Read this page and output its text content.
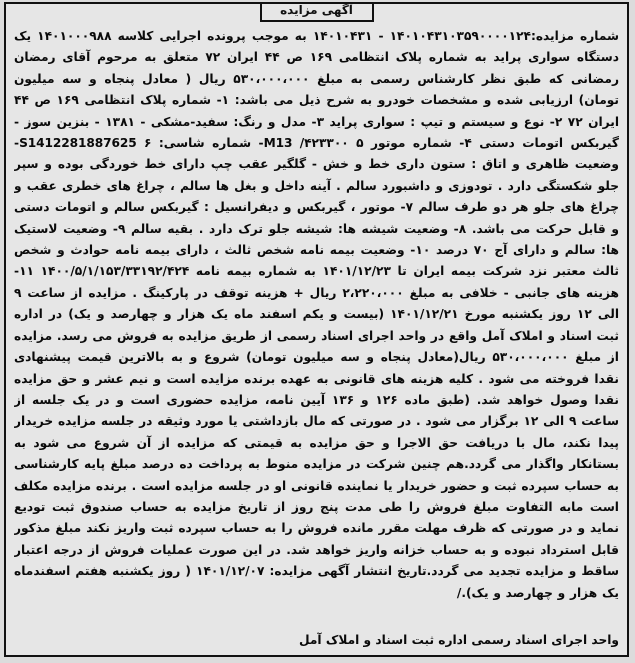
آگهی مزایده

شماره مزایده:۱۴۰۱۰۴۳۱۰۳۵۹۰۰۰۰۱۲۴ - ۱۴۰۱۰۴۳۱ به موجب پرونده اجرایی کلاسه ۱۴۰۱۰۰۰۹۸۸ یک دستگاه سواری پراید به شماره پلاک انتظامی ۱۶۹ ص ۴۴ ایران ۷۲ متعلق به مرحوم آقای رمضان رمضانی که طبق نظر کارشناس رسمی به مبلغ ۵۳۰،۰۰۰،۰۰۰ ریال ( معادل پنجاه و سه میلیون تومان) ارزیابی شده و مشخصات خودرو به شرح ذیل می باشد: ۱- شماره پلاک انتظامی ۱۶۹ ص ۴۴ ایران ۷۲ ۲- نوع و سیستم و تیپ : سواری پراید ۳- مدل و رنگ: سفید-مشکی - ۱۳۸۱ - بنزین سوز - گیربکس اتومات دستی ۴- شماره موتور M13 /۴۲۳۳۰۰ ۵- شماره شاسی: S1412281887625 ۶- وضعیت ظاهری و اتاق : ستون داری خط و خش - گلگیر عقب چپ دارای خط خوردگی بوده و سپر جلو شکستگی دارد . تودوزی و داشبورد سالم . آینه داخل و بغل ها سالم ، چراغ های خطری عقب و چراغ های جلو هر دو طرف سالم ۷- موتور ، گیربکس و دیفرانسیل : گیربکس سالم و اتومات دستی و قابل حرکت می باشد. ۸- وضعیت شیشه ها: شیشه جلو ترک دارد . بقیه سالم ۹- وضعیت لاستیک ها: سالم و دارای آج ۷۰ درصد ۱۰- وضعیت بیمه نامه شخص ثالث ، دارای بیمه نامه حوادث و شخص ثالث معتبر نزد شرکت بیمه ایران تا ۱۴۰۱/۱۲/۲۳ به شماره بیمه نامه ۱۴۰۰/۵/۱/۱۵۳/۳۳۱۹۲/۴۲۴ ۱۱- هزینه های جانبی - خلافی به مبلغ ۲،۲۲۰،۰۰۰ ریال + هزینه توقف در پارکینگ . مزایده از ساعت ۹ الی ۱۲ روز یکشنبه مورخ ۱۴۰۱/۱۲/۲۱ (بیست و یکم اسفند ماه یک هزار و چهارصد و یک) در اداره ثبت اسناد و املاک آمل واقع در واحد اجرای اسناد رسمی از طریق مزایده به فروش می رسد. مزایده از مبلغ ۵۳۰،۰۰۰،۰۰۰ ریال(معادل پنجاه و سه میلیون تومان) شروع و به بالاترین قیمت پیشنهادی نقدا فروخته می شود . کلیه هزینه های قانونی به عهده برنده مزایده است و نیم عشر و حق مزایده نقدا وصول خواهد شد. (طبق ماده ۱۲۶ و ۱۳۶ آیین نامه، مزایده حضوری است و در یک جلسه از ساعت ۹ الی ۱۲ برگزار می شود . در صورتی که مال بازداشتی یا مورد وثیقه در جلسه مزایده خریدار پیدا نکند، مال با دریافت حق الاجرا و حق مزایده به قیمتی که مزایده از آن شروع می شود به بستانکار واگذار می گردد.هم چنین شرکت در مزایده منوط به پرداخت ده درصد مبلغ پایه کارشناسی به حساب سپرده ثبت و حضور خریدار یا نماینده قانونی او در جلسه مزایده است . برنده مزایده مکلف است مابه التفاوت مبلغ فروش را طی مدت پنج روز از تاریخ مزایده به حساب صندوق ثبت تودیع نماید و در صورتی که ظرف مهلت مقرر مانده فروش را به حساب سپرده ثبت واریز نکند مبلغ مذکور قابل استرداد نبوده و به حساب خزانه واریز خواهد شد. در این صورت عملیات فروش از درجه اعتبار ساقط و مزایده تجدید می گردد.تاریخ انتشار آگهی مزایده: ۱۴۰۱/۱۲/۰۷ ( روز یکشنبه هفتم اسفندماه یک هزار و چهارصد و یک)./

واحد اجرای اسناد رسمی اداره ثبت اسناد و املاک آمل
